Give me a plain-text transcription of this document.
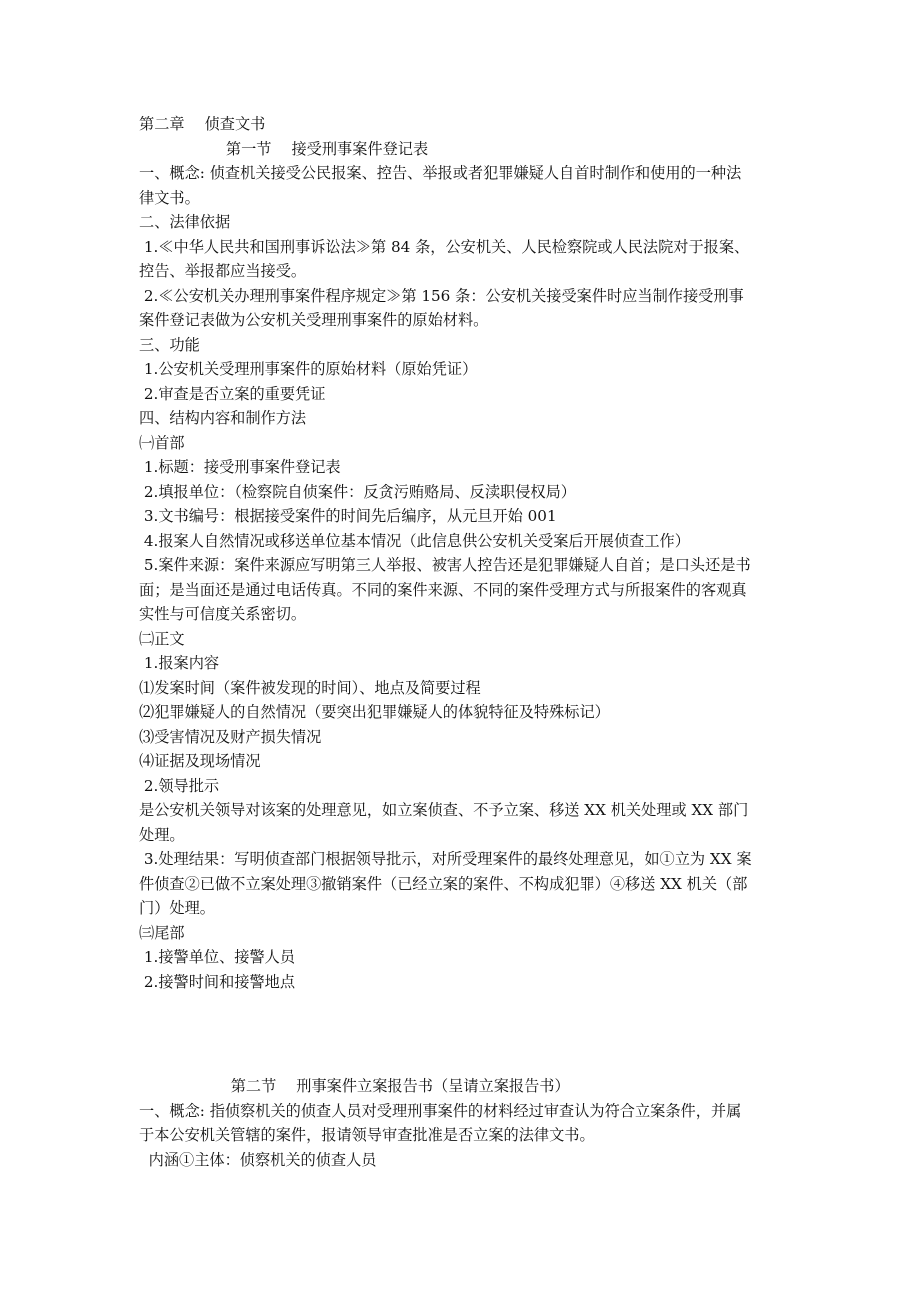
第二章　 侦查文书
第一节　 接受刑事案件登记表
一、概念: 侦查机关接受公民报案、控告、举报或者犯罪嫌疑人自首时制作和使用的一种法
律文书。
二、法律依据
1.≪中华人民共和国刑事诉讼法≫第 84 条，公安机关、人民检察院或人民法院对于报案、
控告、举报都应当接受。
2.≪公安机关办理刑事案件程序规定≫第 156 条：公安机关接受案件时应当制作接受刑事
案件登记表做为公安机关受理刑事案件的原始材料。
三、功能
1.公安机关受理刑事案件的原始材料（原始凭证）
2.审查是否立案的重要凭证
四、结构内容和制作方法
㈠首部
1.标题：接受刑事案件登记表
2.填报单位：（检察院自侦案件：反贪污贿赂局、反渎职侵权局）
3.文书编号：根据接受案件的时间先后编序，从元旦开始 001
4.报案人自然情况或移送单位基本情况（此信息供公安机关受案后开展侦查工作）
5.案件来源：案件来源应写明第三人举报、被害人控告还是犯罪嫌疑人自首；是口头还是书
面；是当面还是通过电话传真。不同的案件来源、不同的案件受理方式与所报案件的客观真
实性与可信度关系密切。
㈡正文
1.报案内容
⑴发案时间（案件被发现的时间）、地点及简要过程
⑵犯罪嫌疑人的自然情况（要突出犯罪嫌疑人的体貌特征及特殊标记）
⑶受害情况及财产损失情况
⑷证据及现场情况
2.领导批示
是公安机关领导对该案的处理意见，如立案侦查、不予立案、移送 XX 机关处理或 XX 部门
处理。
3.处理结果：写明侦查部门根据领导批示，对所受理案件的最终处理意见，如①立为 XX 案
件侦查②已做不立案处理③撤销案件（已经立案的案件、不构成犯罪）④移送 XX 机关（部
门）处理。
㈢尾部
1.接警单位、接警人员
2.接警时间和接警地点
第二节　 刑事案件立案报告书（呈请立案报告书）
一、概念: 指侦察机关的侦查人员对受理刑事案件的材料经过审查认为符合立案条件，并属
于本公安机关管辖的案件，报请领导审查批准是否立案的法律文书。
内涵①主体：侦察机关的侦查人员
